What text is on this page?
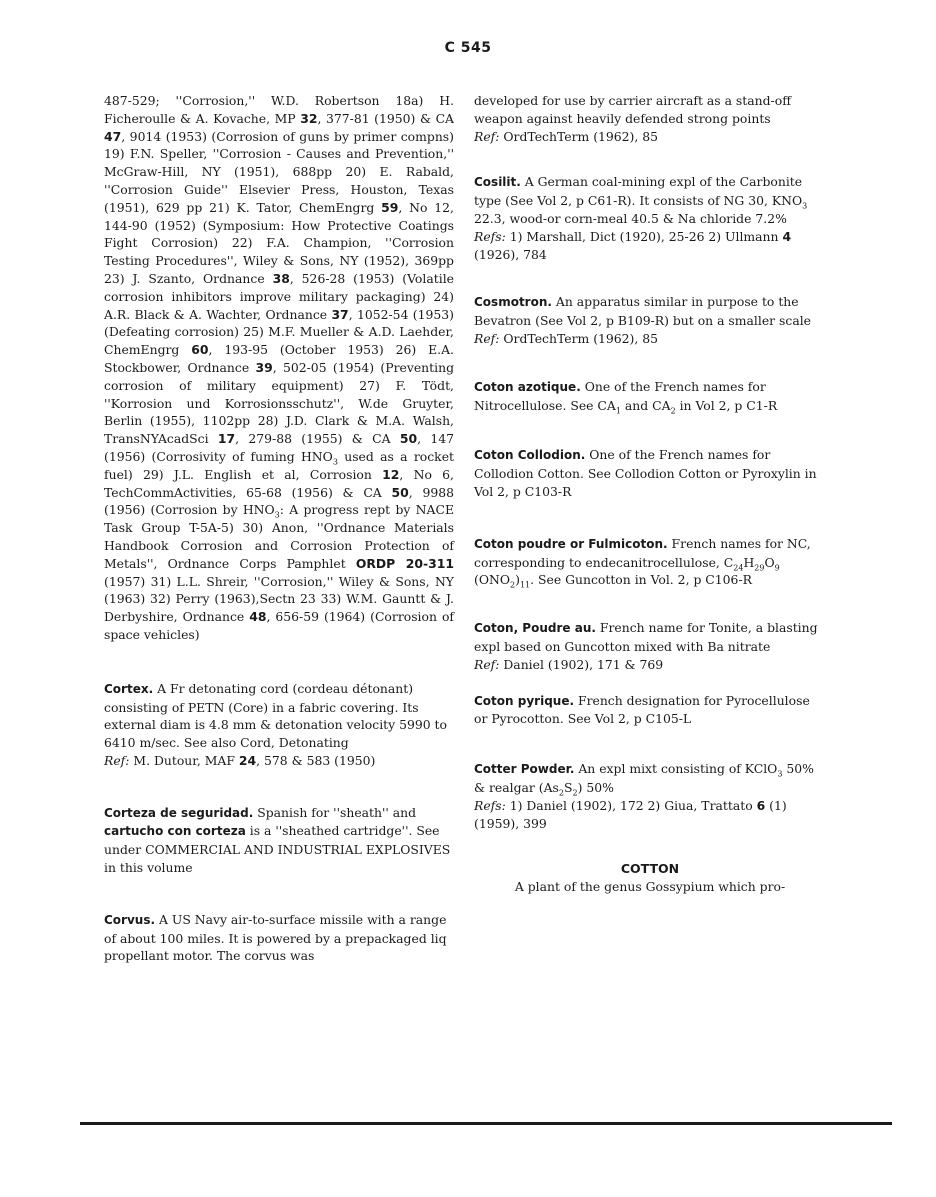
C 545

487-529; ''Corrosion,'' W.D. Robertson 18a) H. Ficheroulle & A. Kovache, MP 32, 377-81 (1950) & CA 47, 9014 (1953) (Corrosion of guns by primer compns) 19) F.N. Speller, ''Corrosion - Causes and Prevention,'' McGraw-Hill, NY (1951), 688pp 20) E. Rabald, ''Corrosion Guide'' Elsevier Press, Houston, Texas (1951), 629 pp 21) K. Tator, ChemEngrg 59, No 12, 144-90 (1952) (Symposium: How Protective Coatings Fight Corrosion) 22) F.A. Champion, ''Corrosion Testing Procedures'', Wiley & Sons, NY (1952), 369pp 23) J. Szanto, Ordnance 38, 526-28 (1953) (Volatile corrosion inhibitors improve military packaging) 24) A.R. Black & A. Wachter, Ordnance 37, 1052-54 (1953) (Defeating corrosion) 25) M.F. Mueller & A.D. Laehder, ChemEngrg 60, 193-95 (October 1953) 26) E.A. Stockbower, Ordnance 39, 502-05 (1954) (Preventing corrosion of military equipment) 27) F. Tödt, ''Korrosion und Korrosionsschutz'', W.de Gruyter, Berlin (1955), 1102pp 28) J.D. Clark & M.A. Walsh, TransNYAcadSci 17, 279-88 (1955) & CA 50, 147 (1956) (Corrosivity of fuming $HNO_3$ used as a rocket fuel) 29) J.L. English et al, Corrosion 12, No 6, TechCommActivities, 65-68 (1956) & CA 50, 9988 (1956) (Corrosion by $HNO_3$: A progress rept by NACE Task Group T-5A-5) 30) Anon, ''Ordnance Materials Handbook Corrosion and Corrosion Protection of Metals'', Ordnance Corps Pamphlet ORDP 20-311 (1957) 31) L.L. Shreir, ''Corrosion,'' Wiley & Sons, NY (1963) 32) Perry (1963),Sectn 23 33) W.M. Gauntt & J. Derbyshire, Ordnance 48, 656-59 (1964) (Corrosion of space vehicles)

Cortex. A Fr detonating cord (cordeau détonant) consisting of PETN (Core) in a fabric covering. Its external diam is 4.8 mm & detonation velocity 5990 to 6410 m/sec. See also Cord, Detonating
Ref: M. Dutour, MAF 24, 578 & 583 (1950)

Corteza de seguridad. Spanish for ''sheath'' and cartucho con corteza is a ''sheathed cartridge''. See under COMMERCIAL AND INDUSTRIAL EXPLOSIVES in this volume

Corvus. A US Navy air-to-surface missile with a range of about 100 miles. It is powered by a prepackaged liq propellant motor. The corvus was

developed for use by carrier aircraft as a stand-off weapon against heavily defended strong points
Ref: OrdTechTerm (1962), 85

Cosilit. A German coal-mining expl of the Carbonite type (See Vol 2, p C61-R). It consists of NG 30, $KNO_3$ 22.3, wood-or corn-meal 40.5 & Na chloride 7.2%
Refs: 1) Marshall, Dict (1920), 25-26 2) Ullmann 4 (1926), 784

Cosmotron. An apparatus similar in purpose to the Bevatron (See Vol 2, p B109-R) but on a smaller scale
Ref: OrdTechTerm (1962), 85

Coton azotique. One of the French names for Nitrocellulose. See $CA_1$ and $CA_2$ in Vol 2, p C1-R

Coton Collodion. One of the French names for Collodion Cotton. See Collodion Cotton or Pyroxylin in Vol 2, p C103-R

Coton poudre or Fulmicoton. French names for NC, corresponding to endecanitrocellulose, $C_{24}H_{29}O_9$ $(ONO_2)_{11}$. See Guncotton in Vol. 2, p C106-R

Coton, Poudre au. French name for Tonite, a blasting expl based on Guncotton mixed with Ba nitrate
Ref: Daniel (1902), 171 & 769

Coton pyrique. French designation for Pyrocellulose or Pyrocotton. See Vol 2, p C105-L

Cotter Powder. An expl mixt consisting of KClO$_3$ 50% & realgar $(As_2S_2)$ 50%
Refs: 1) Daniel (1902), 172 2) Giua, Trattato 6 (1) (1959), 399

COTTON

A plant of the genus Gossypium which pro-
